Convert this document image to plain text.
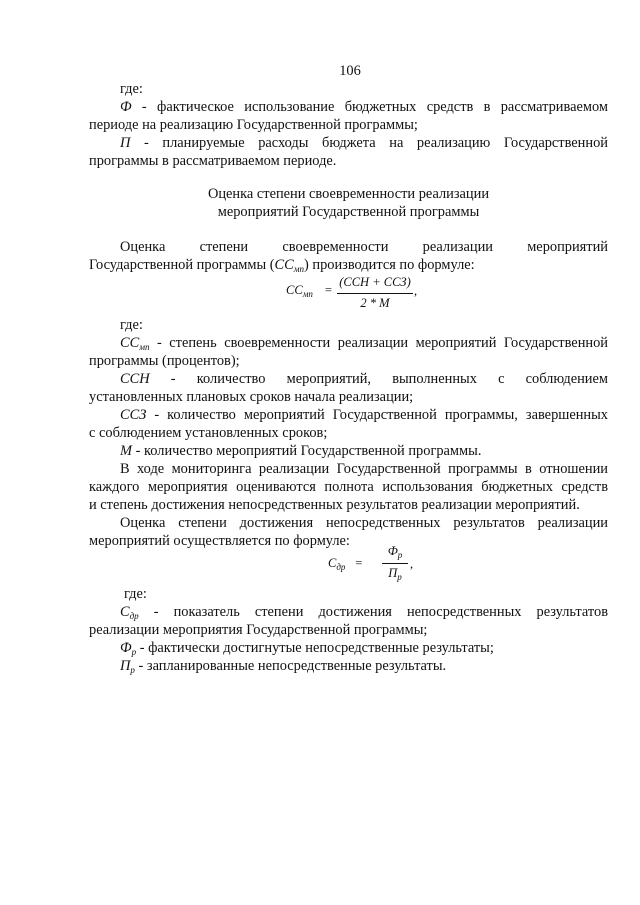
106
где:
Ф - фактическое использование бюджетных средств в рассматриваемом
периоде на реализацию Государственной программы;
П - планируемые расходы бюджета на реализацию Государственной
программы в рассматриваемом периоде.
Оценка степени своевременности реализации
мероприятий Государственной программы
Оценка степени своевременности реализации мероприятий
Государственной программы $(СС_{мп})$ производится по формуле:
$СС_{мп}$ =
(ССН + ССЗ)
2 * М
,
где:
$СС_{мп}$ - степень своевременности реализации мероприятий Государственной
программы (процентов);
ССН - количество мероприятий, выполненных с соблюдением
установленных плановых сроков начала реализации;
ССЗ - количество мероприятий Государственной программы, завершенных
с соблюдением установленных сроков;
М - количество мероприятий Государственной программы.
В ходе мониторинга реализации Государственной программы в отношении
каждого мероприятия оцениваются полнота использования бюджетных средств
и степень достижения непосредственных результатов реализации мероприятий.
Оценка степени достижения непосредственных результатов реализации
мероприятий осуществляется по формуле:
$С_{др}$ =
$Ф_р$
$П_р$
,
где:
$С_{др}$ - показатель степени достижения непосредственных результатов
реализации мероприятия Государственной программы;
$Ф_р$ - фактически достигнутые непосредственные результаты;
$П_р$ - запланированные непосредственные результаты.
